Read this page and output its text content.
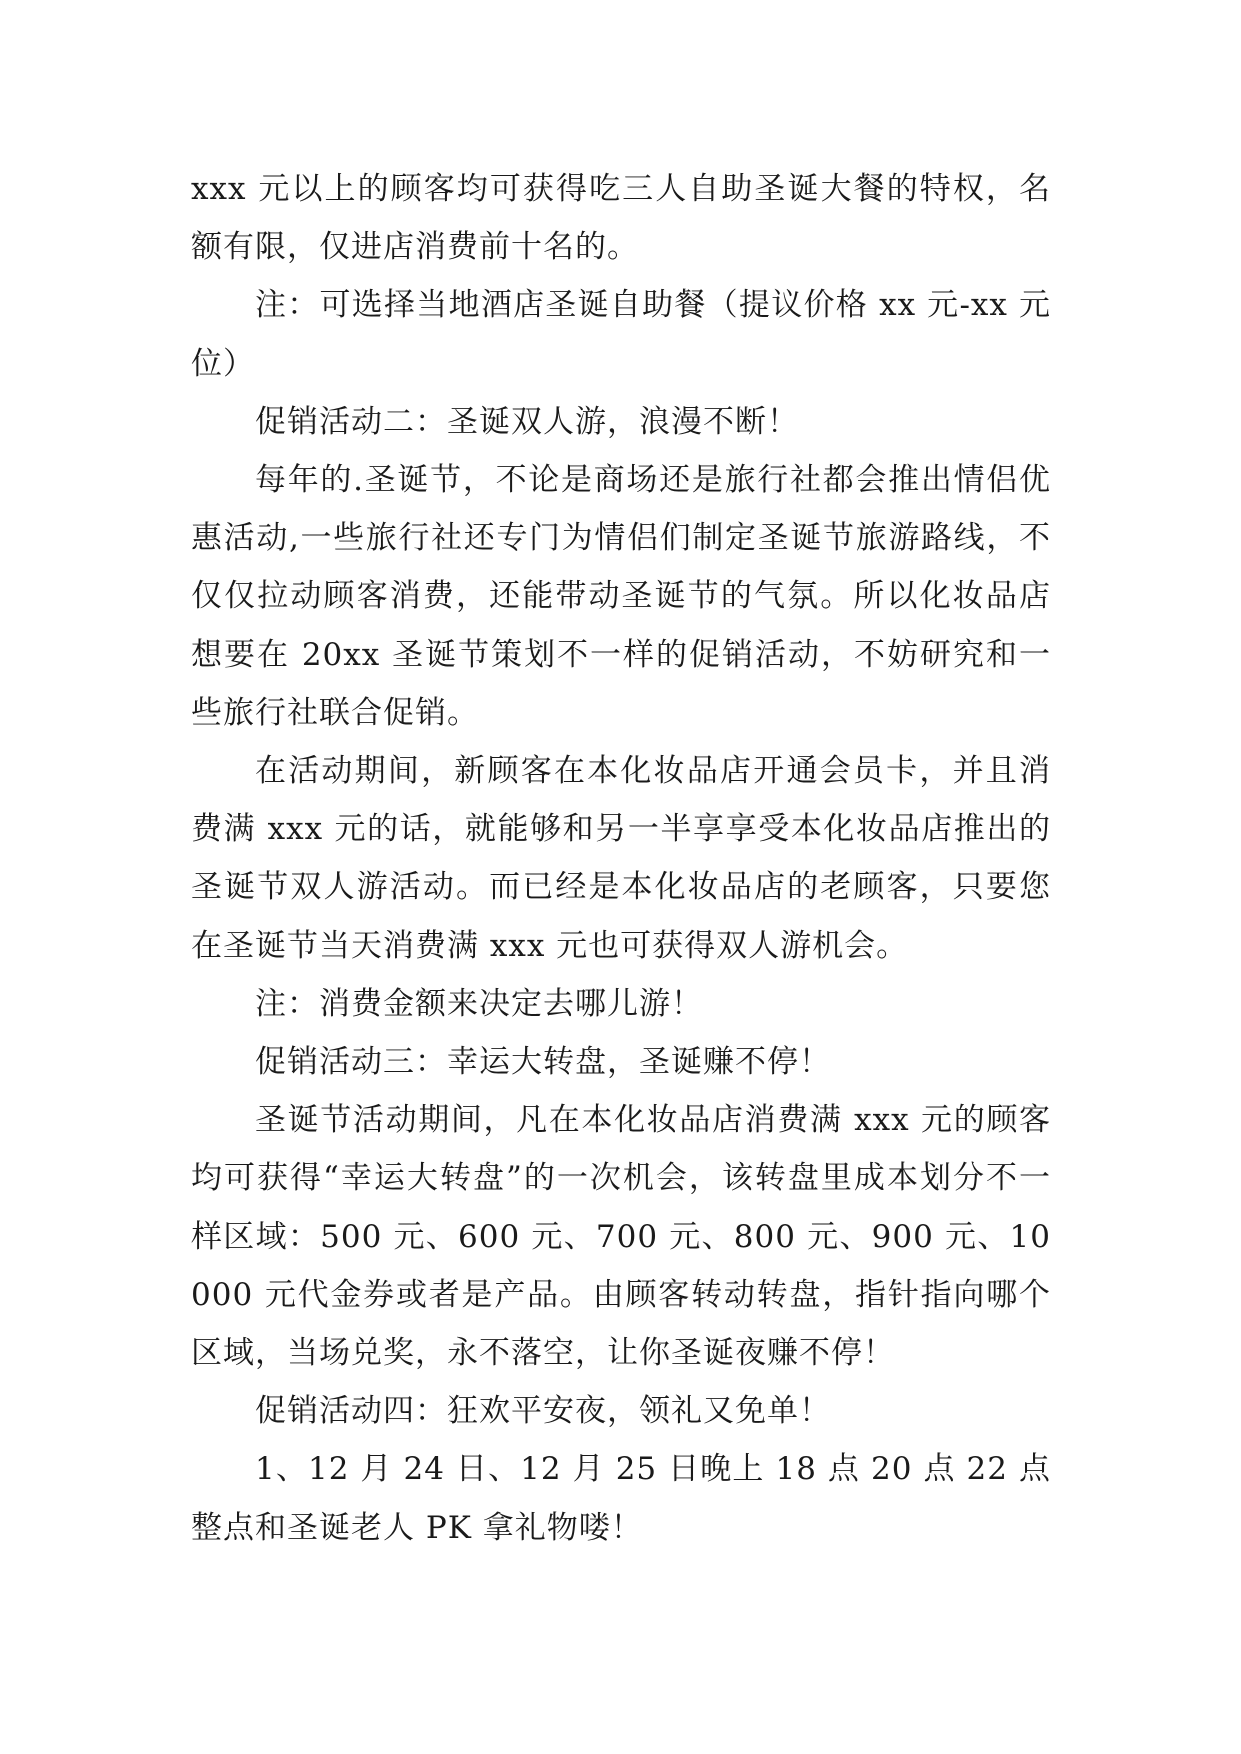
xxx 元以上的顾客均可获得吃三人自助圣诞大餐的特权，名额有限，仅进店消费前十名的。

注：可选择当地酒店圣诞自助餐（提议价格 xx 元-xx 元位）

促销活动二：圣诞双人游，浪漫不断！

每年的.圣诞节，不论是商场还是旅行社都会推出情侣优惠活动,一些旅行社还专门为情侣们制定圣诞节旅游路线，不仅仅拉动顾客消费，还能带动圣诞节的气氛。所以化妆品店想要在 20xx 圣诞节策划不一样的促销活动，不妨研究和一些旅行社联合促销。

在活动期间，新顾客在本化妆品店开通会员卡，并且消费满 xxx 元的话，就能够和另一半享享受本化妆品店推出的圣诞节双人游活动。而已经是本化妆品店的老顾客，只要您在圣诞节当天消费满 xxx 元也可获得双人游机会。

注：消费金额来决定去哪儿游！

促销活动三：幸运大转盘，圣诞赚不停！

圣诞节活动期间，凡在本化妆品店消费满 xxx 元的顾客均可获得“幸运大转盘”的一次机会，该转盘里成本划分不一样区域：500 元、600 元、700 元、800 元、900 元、10000 元代金券或者是产品。由顾客转动转盘，指针指向哪个区域，当场兑奖，永不落空，让你圣诞夜赚不停！

促销活动四：狂欢平安夜，领礼又免单！

1、12 月 24 日、12 月 25 日晚上 18 点 20 点 22 点整点和圣诞老人 PK 拿礼物喽！
